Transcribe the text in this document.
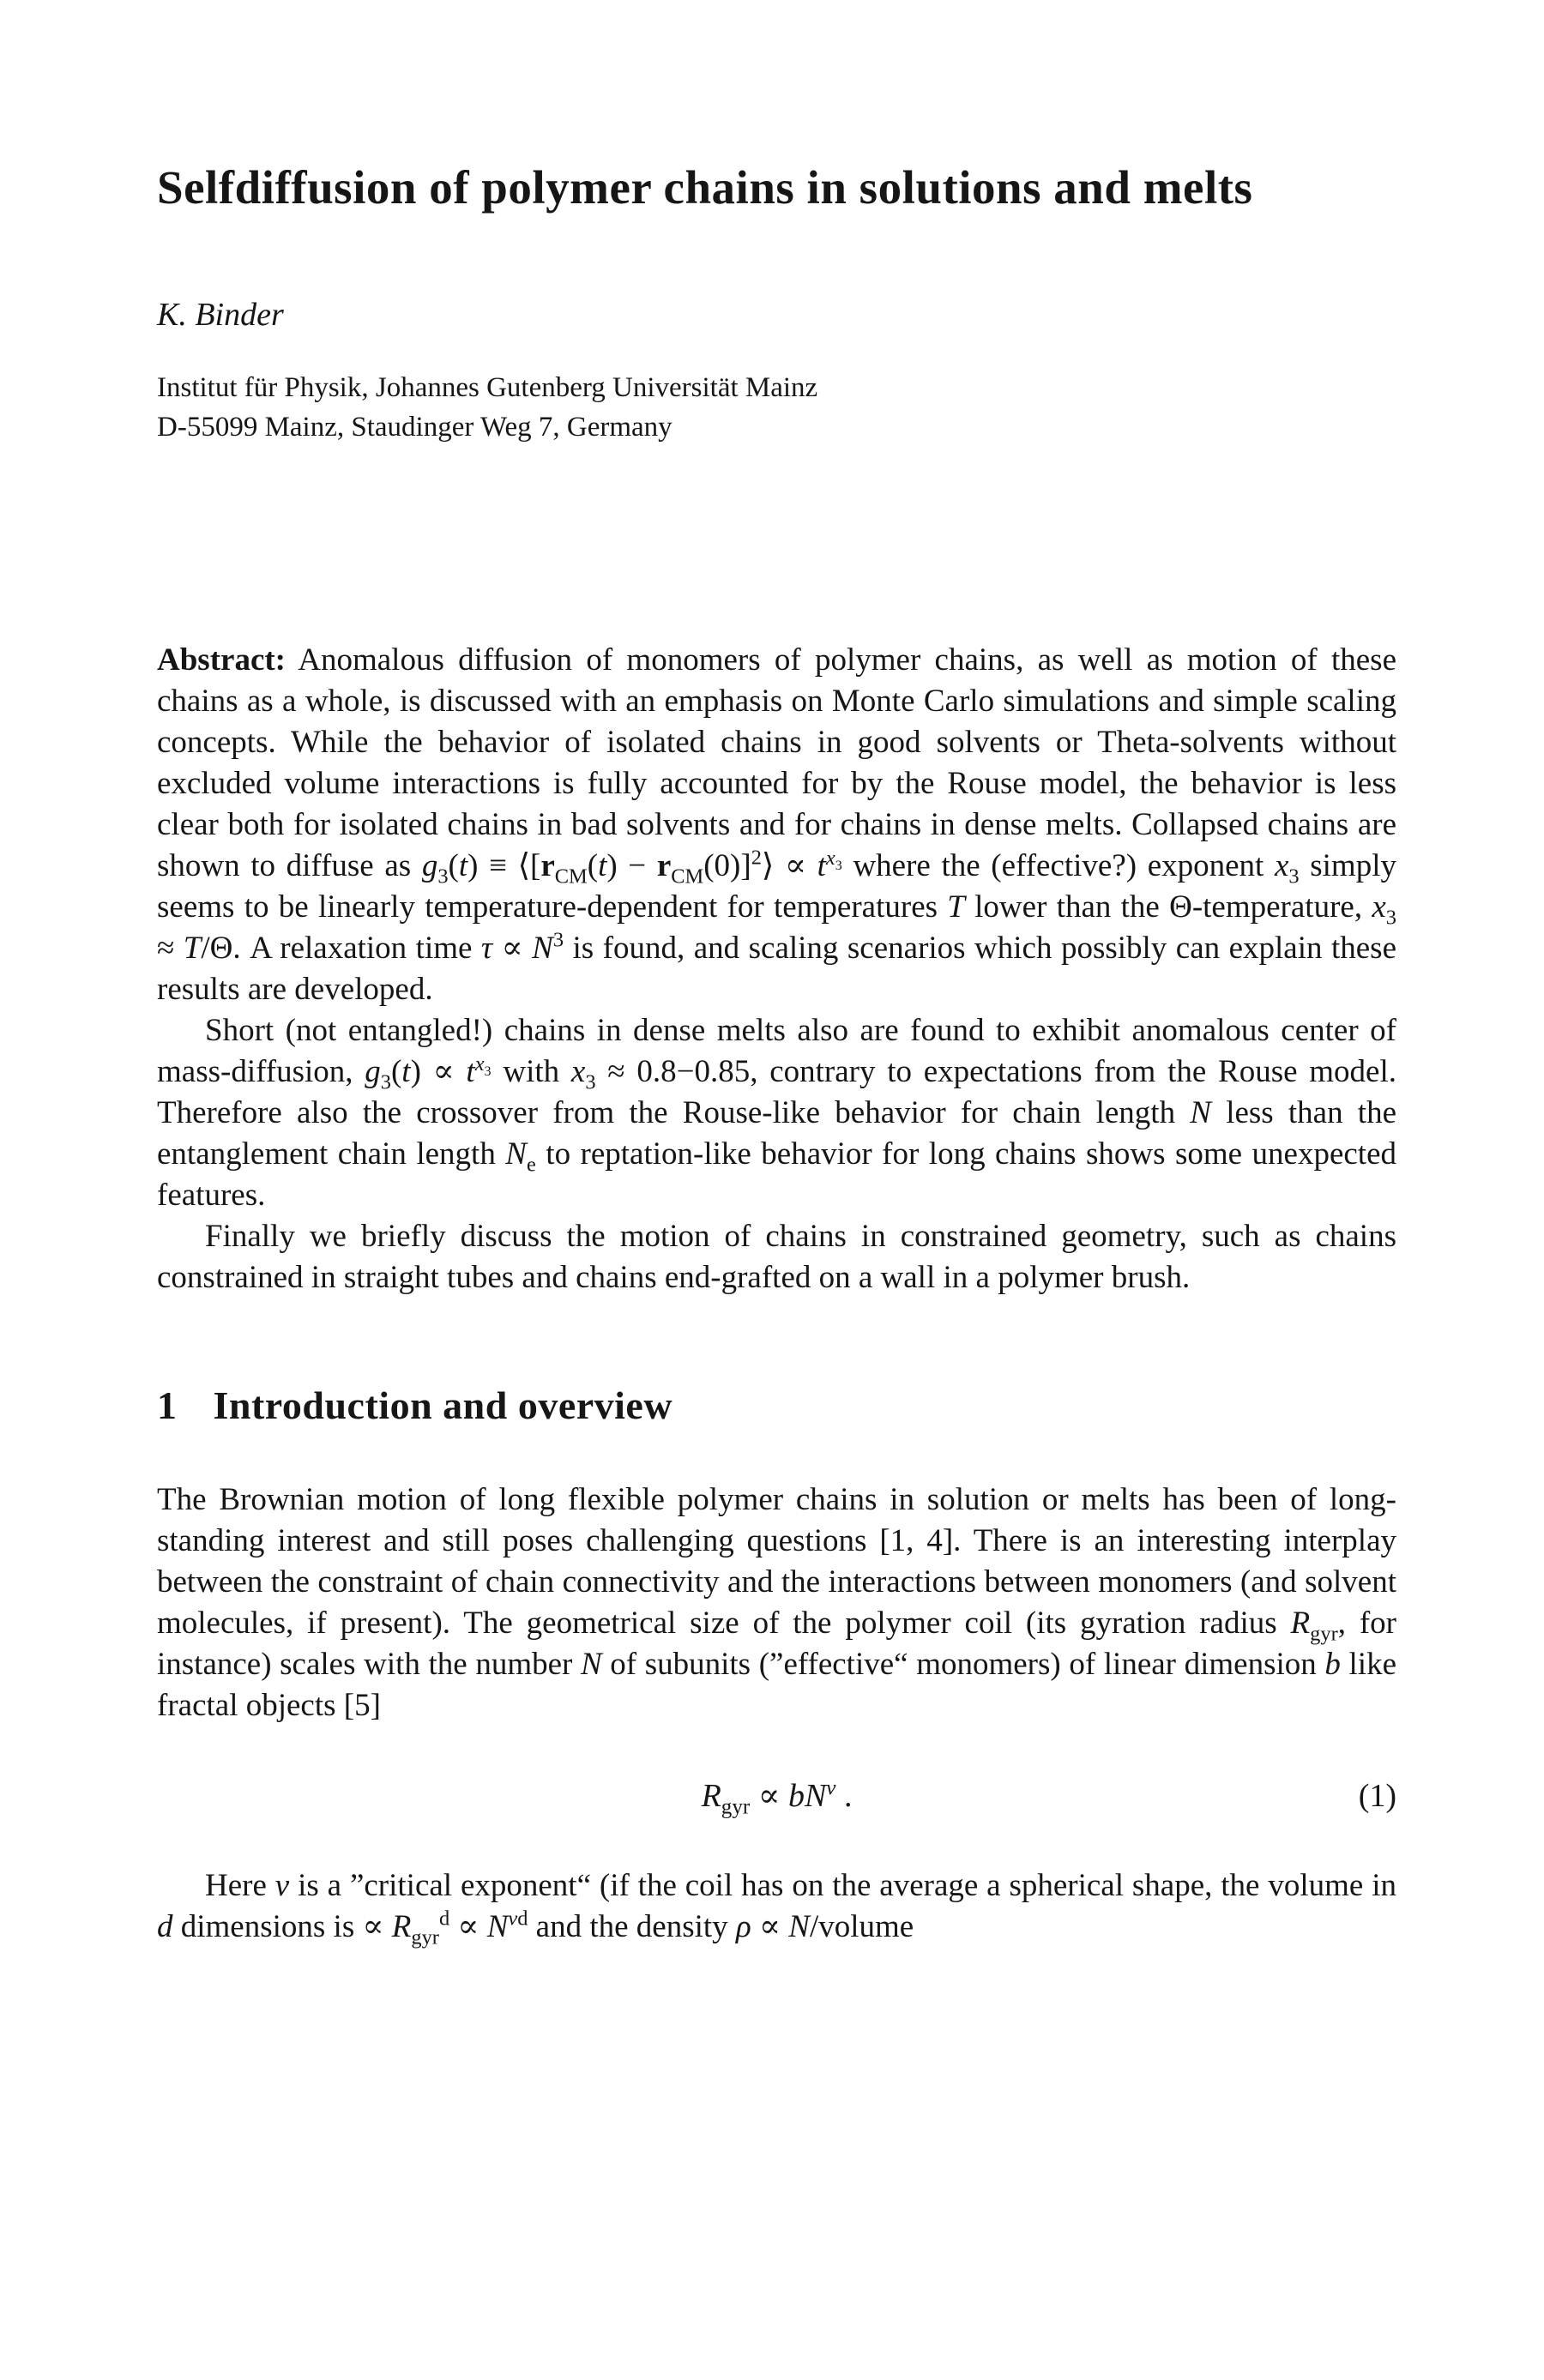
Selfdiffusion of polymer chains in solutions and melts
K. Binder
Institut für Physik, Johannes Gutenberg Universität Mainz
D-55099 Mainz, Staudinger Weg 7, Germany

Abstract: Anomalous diffusion of monomers of polymer chains, as well as motion of these chains as a whole, is discussed with an emphasis on Monte Carlo simulations and simple scaling concepts. While the behavior of isolated chains in good solvents or Theta-solvents without excluded volume interactions is fully accounted for by the Rouse model, the behavior is less clear both for isolated chains in bad solvents and for chains in dense melts. Collapsed chains are shown to diffuse as $g_3(t)$ ≡ $⟨[r_{CM}(t)$ − $r_{CM}(0)]^2⟩ \propto t^{x_3}$ where the (effective?) exponent $x_3$ simply seems to be linearly temperature-dependent for temperatures T lower than the Θ-temperature, $x_3 \approx T/\Theta$. A relaxation time $\tau \propto N^3$ is found, and scaling scenarios which possibly can explain these results are developed.

Short (not entangled!) chains in dense melts also are found to exhibit anomalous center of mass-diffusion, $g_3(t) \propto t^{x_3}$ with $x_3 \approx 0.8-0.85$, contrary to expectations from the Rouse model. Therefore also the crossover from the Rouse-like behavior for chain length N less than the entanglement chain length $N_e$ to reptation-like behavior for long chains shows some unexpected features.

Finally we briefly discuss the motion of chains in constrained geometry, such as chains constrained in straight tubes and chains end-grafted on a wall in a polymer brush.

1 Introduction and overview

The Brownian motion of long flexible polymer chains in solution or melts has been of long-standing interest and still poses challenging questions [1, 4]. There is an interesting interplay between the constraint of chain connectivity and the interactions between monomers (and solvent molecules, if present). The geometrical size of the polymer coil (its gyration radius $R_{gyr}$, for instance) scales with the number N of subunits (”effective“ monomers) of linear dimension b like fractal objects [5]

$R_{gyr} \propto bN^\nu$ .	(1)

Here ν is a ”critical exponent“ (if the coil has on the average a spherical shape, the volume in d dimensions is ∝ $R_{gyr}^d \propto N^{\nu d}$ and the density ρ ∝ N/volume
